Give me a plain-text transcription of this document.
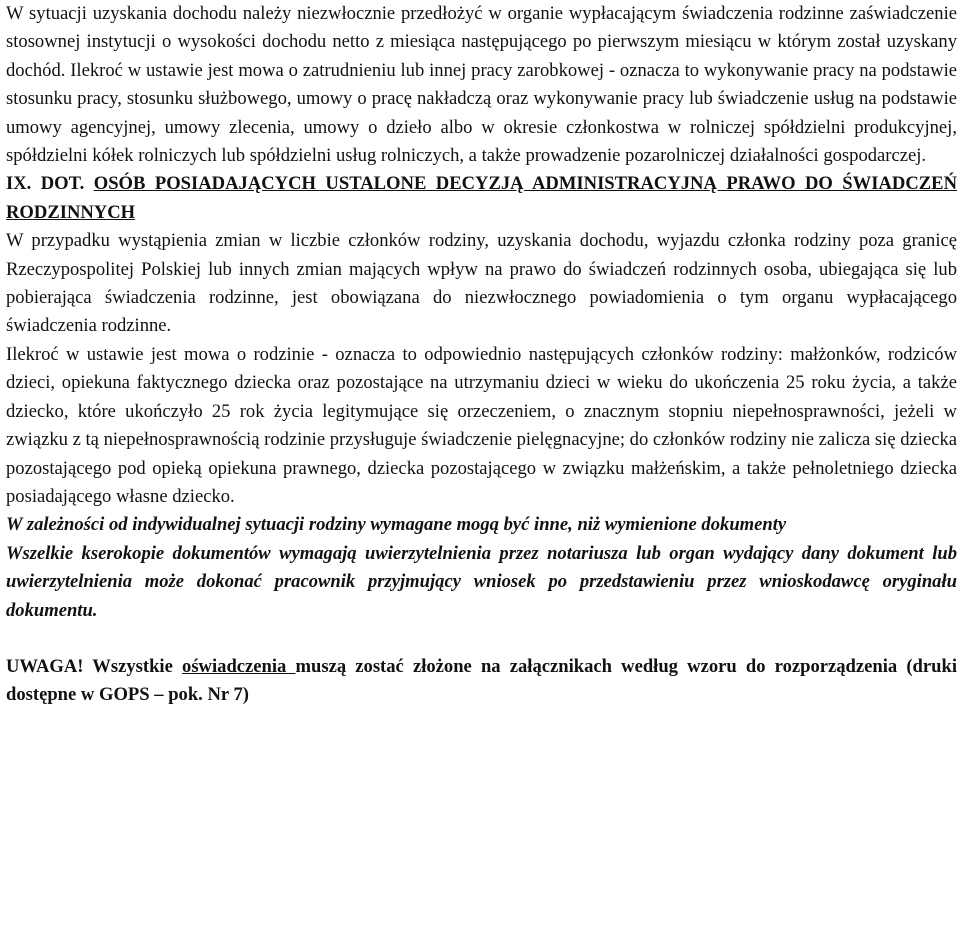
W sytuacji uzyskania dochodu należy niezwłocznie przedłożyć w organie wypłacającym świadczenia rodzinne zaświadczenie stosownej instytucji o wysokości dochodu netto z miesiąca następującego po pierwszym miesiącu w którym został uzyskany dochód. Ilekroć w ustawie jest mowa o zatrudnieniu lub innej pracy zarobkowej - oznacza to wykonywanie pracy na podstawie stosunku pracy, stosunku służbowego, umowy o pracę nakładczą oraz wykonywanie pracy lub świadczenie usług na podstawie umowy agencyjnej, umowy zlecenia, umowy o dzieło albo w okresie członkostwa w rolniczej spółdzielni produkcyjnej, spółdzielni kółek rolniczych lub spółdzielni usług rolniczych, a także prowadzenie pozarolniczej działalności gospodarczej.

IX. DOT. OSÓB POSIADAJĄCYCH USTALONE DECYZJĄ ADMINISTRACYJNĄ PRAWO DO ŚWIADCZEŃ RODZINNYCH

W przypadku wystąpienia zmian w liczbie członków rodziny, uzyskania dochodu, wyjazdu członka rodziny poza granicę Rzeczypospolitej Polskiej lub innych zmian mających wpływ na prawo do świadczeń rodzinnych osoba, ubiegająca się lub pobierająca świadczenia rodzinne, jest obowiązana do niezwłocznego powiadomienia o tym organu wypłacającego świadczenia rodzinne.

Ilekroć w ustawie jest mowa o rodzinie - oznacza to odpowiednio następujących członków rodziny: małżonków, rodziców dzieci, opiekuna faktycznego dziecka oraz pozostające na utrzymaniu dzieci w wieku do ukończenia 25 roku życia, a także dziecko, które ukończyło 25 rok życia legitymujące się orzeczeniem, o znacznym stopniu niepełnosprawności, jeżeli w związku z tą niepełnosprawnością rodzinie przysługuje świadczenie pielęgnacyjne; do członków rodziny nie zalicza się dziecka pozostającego pod opieką opiekuna prawnego, dziecka pozostającego w związku małżeńskim, a także pełnoletniego dziecka posiadającego własne dziecko.

W zależności od indywidualnej sytuacji rodziny wymagane mogą być inne, niż wymienione dokumenty

Wszelkie kserokopie dokumentów wymagają uwierzytelnienia przez notariusza lub organ wydający dany dokument lub uwierzytelnienia może dokonać pracownik przyjmujący wniosek po przedstawieniu przez wnioskodawcę oryginału dokumentu.

UWAGA! Wszystkie oświadczenia muszą zostać złożone na załącznikach według wzoru do rozporządzenia (druki dostępne w GOPS – pok. Nr 7)
